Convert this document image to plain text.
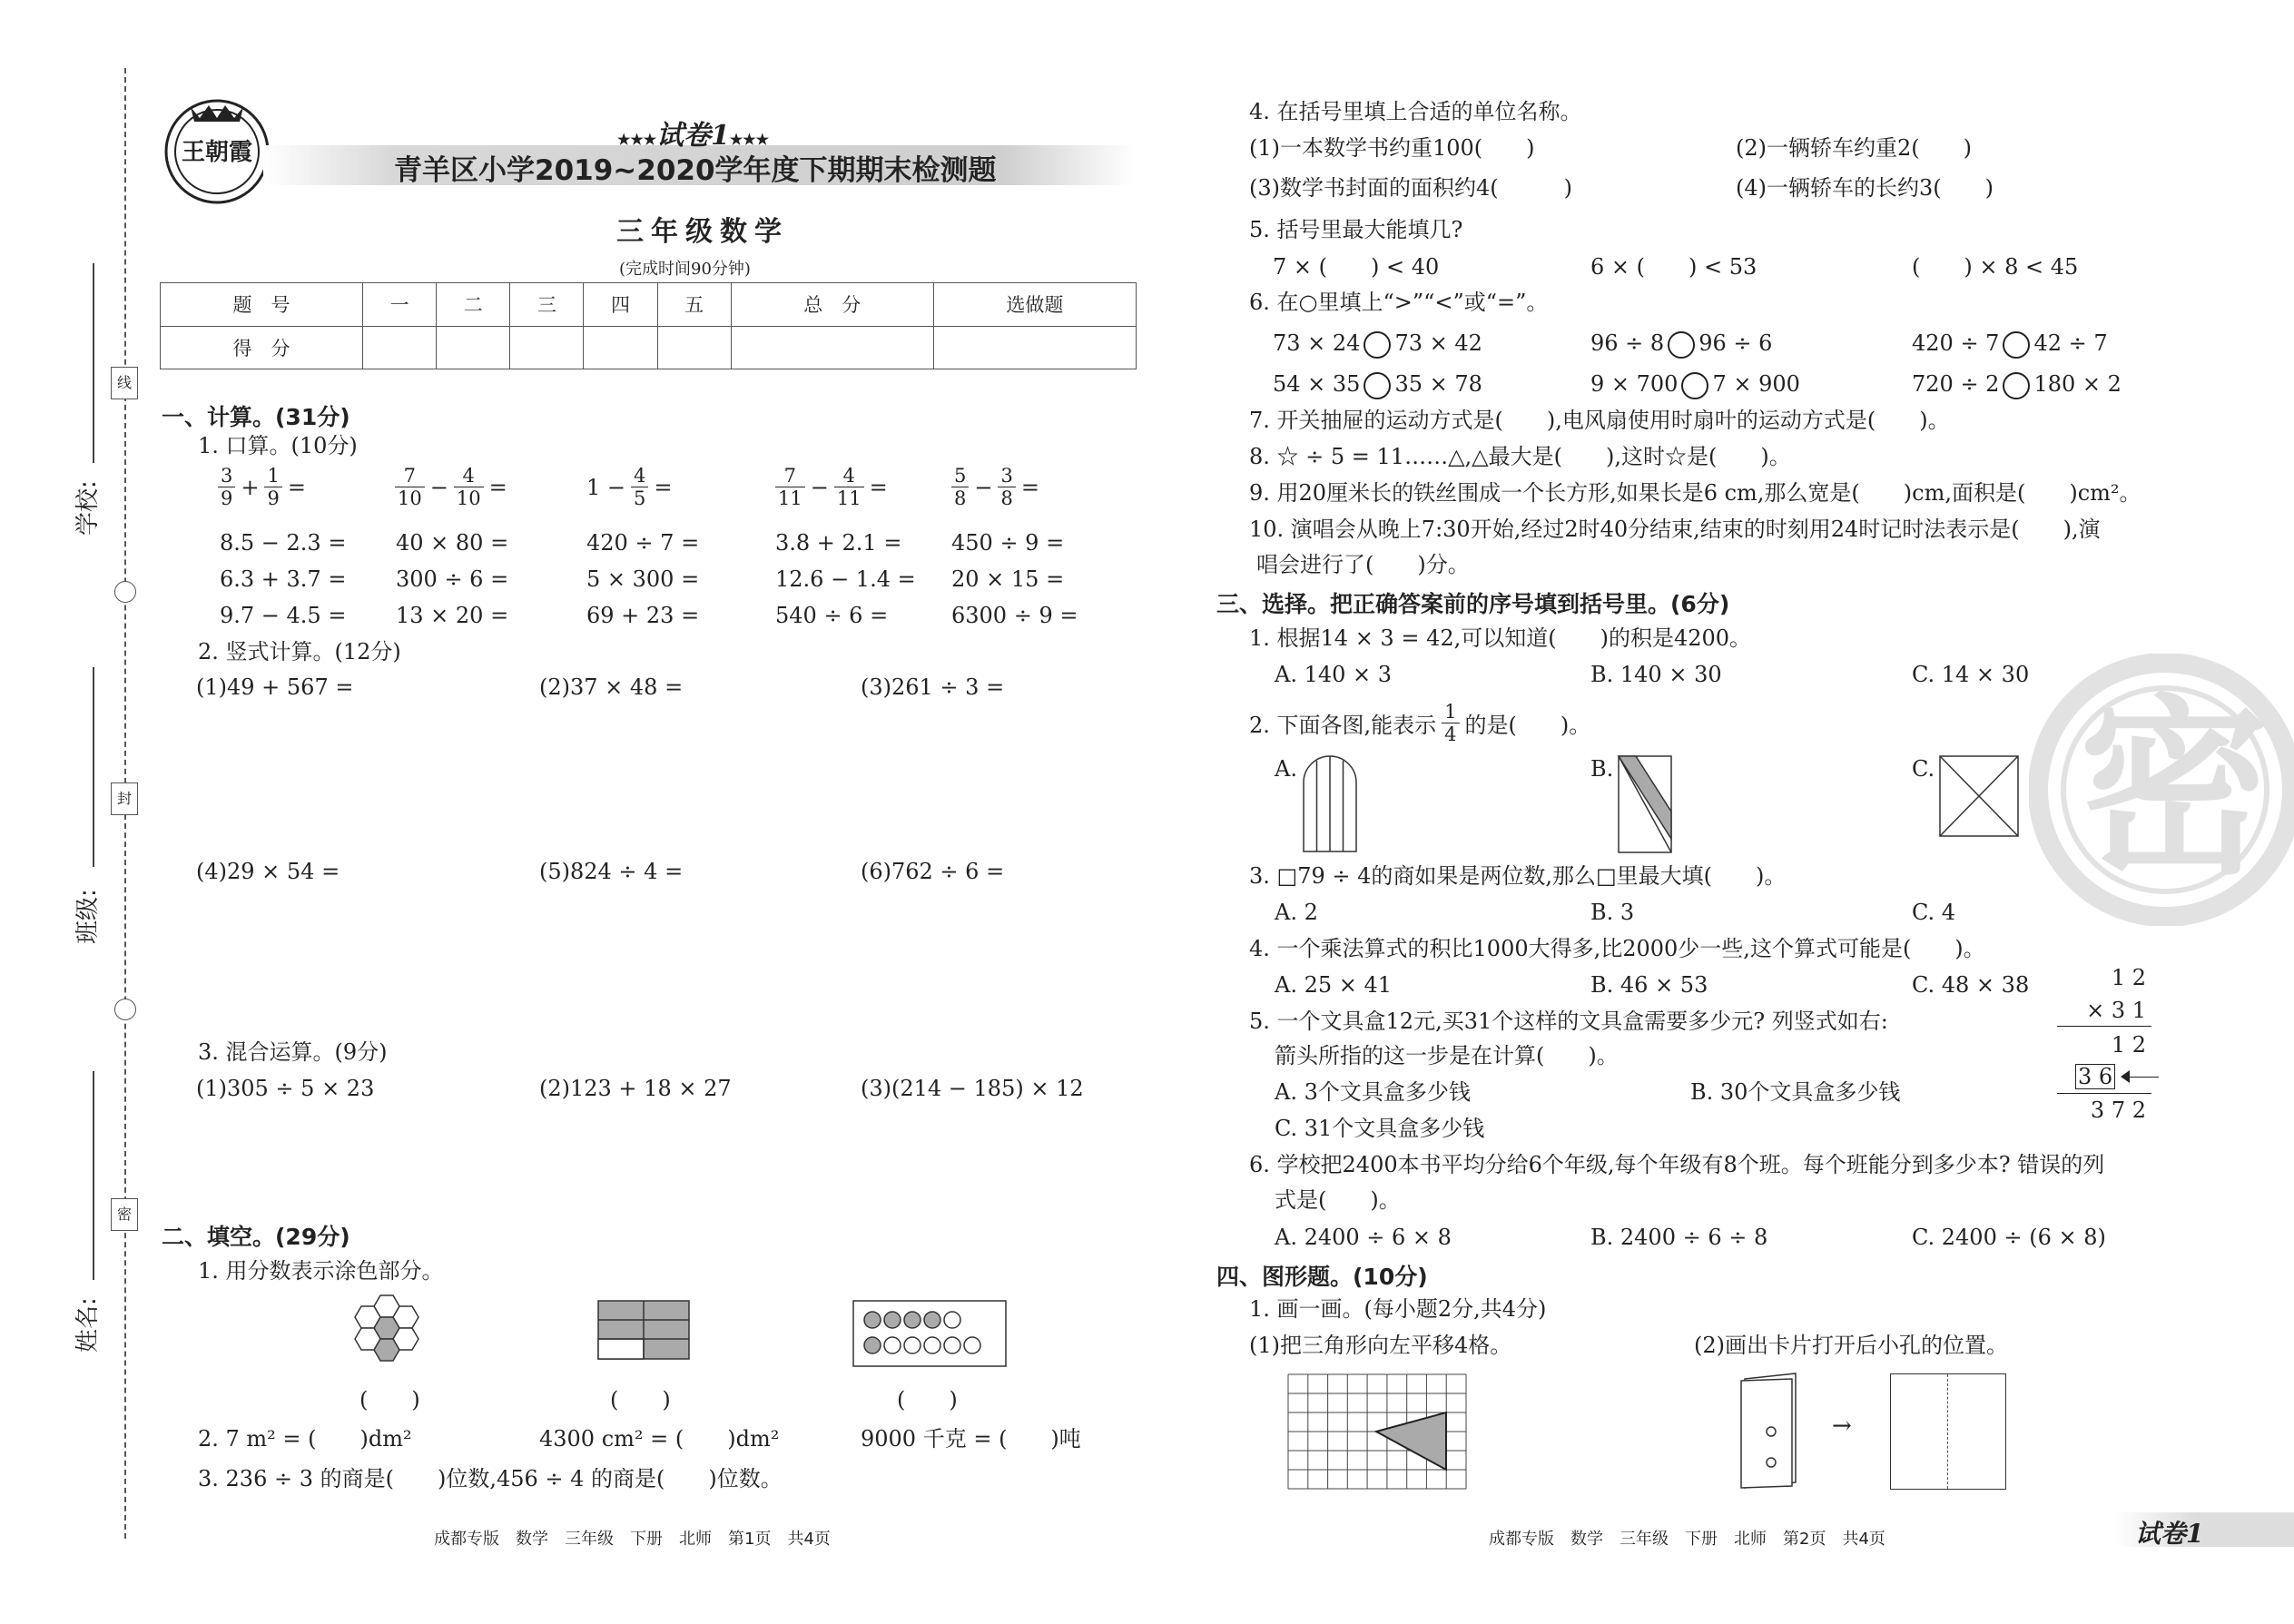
线
封
密
学校:
班级:
姓名:
王朝霞	★★★试卷1★★★
青羊区小学2019~2020学年度下期期末检测题
三年级数学
(完成时间90分钟)
题　号	一	二	三	四	五	总　分	选做题
得　分							
一、计算。(31分)
1. 口算。(10分)
$\frac{3}{9} + \frac{1}{9}$ =	$\frac{7}{10} - \frac{4}{10}$ =	$1 - \frac{4}{5}$ =	$\frac{7}{11} - \frac{4}{11}$ =	$\frac{5}{8} - \frac{3}{8}$ =
8.5 − 2.3 = 40 × 80 =	420 ÷ 7 =	3.8 + 2.1 = 450 ÷ 9 =
6.3 + 3.7 = 300 ÷ 6 =	5 × 300 =	12.6 − 1.4 = 20 × 15 =
9.7 − 4.5 = 13 × 20 =	69 + 23 =	540 ÷ 6 =	6300 ÷ 9 =
2. 竖式计算。(12分)
(1)49 + 567 =	(2)37 × 48 =	(3)261 ÷ 3 =
(4)29 × 54 =	(5)824 ÷ 4 =	(6)762 ÷ 6 =
3. 混合运算。(9分)
(1)305 ÷ 5 × 23	(2)123 + 18 × 27	(3)(214 − 185) × 12
二、填空。(29分)
1. 用分数表示涂色部分。
(　　)	(　　)	(　　)
2. 7 m² = (　　)dm²	4300 cm² = (　　)dm²	9000 千克 = (　　)吨
3. 236 ÷ 3 的商是(　　)位数,456 ÷ 4 的商是(　　)位数。
成都专版　数学　三年级　下册　北师　第1页　共4页
密
4. 在括号里填上合适的单位名称。
(1)一本数学书约重100(　　)	(2)一辆轿车约重2(　　)
(3)数学书封面的面积约4(　　　)	(4)一辆轿车的长约3(　　)
5. 括号里最大能填几?
7 × (　　) < 40	6 × (　　) < 53	(　　) × 8 < 45
6. 在○里填上“>”“<”或“=”。
73 × 24 73 × 42	96 ÷ 8 96 ÷ 6	420 ÷ 7 42 ÷ 7
54 × 35 35 × 78	9 × 700 7 × 900	720 ÷ 2 180 × 2
7. 开关抽屉的运动方式是(　　),电风扇使用时扇叶的运动方式是(　　)。
8. ☆ ÷ 5 = 11……△,△最大是(　　),这时☆是(　　)。
9. 用20厘米长的铁丝围成一个长方形,如果长是6 cm,那么宽是(　　)cm,面积是(　　)cm²。
10. 演唱会从晚上7:30开始,经过2时40分结束,结束的时刻用24时记时法表示是(　　),演
唱会进行了(　　)分。
三、选择。把正确答案前的序号填到括号里。(6分)
1. 根据14 × 3 = 42,可以知道(　　)的积是4200。
A. 140 × 3	B. 140 × 30	C. 14 × 30
2. 下面各图,能表示 $\frac{1}{4}$ 的是(　　)。
A.	B.	C.
3. □79 ÷ 4的商如果是两位数,那么□里最大填(　　)。
A. 2	B. 3	C. 4
4. 一个乘法算式的积比1000大得多,比2000少一些,这个算式可能是(　　)。
A. 25 × 41	B. 46 × 53	C. 48 × 38	1 2
× 3 1
1 2
3 6
3 7 2
5. 一个文具盒12元,买31个这样的文具盒需要多少元? 列竖式如右:
箭头所指的这一步是在计算(　　)。
A. 3个文具盒多少钱	B. 30个文具盒多少钱
C. 31个文具盒多少钱
6. 学校把2400本书平均分给6个年级,每个年级有8个班。每个班能分到多少本? 错误的列
式是(　　)。
A. 2400 ÷ 6 × 8	B. 2400 ÷ 6 ÷ 8	C. 2400 ÷ (6 × 8)
四、图形题。(10分)
1. 画一画。(每小题2分,共4分)
(1)把三角形向左平移4格。	(2)画出卡片打开后小孔的位置。
→
成都专版　数学　三年级　下册　北师　第2页　共4页	试卷1
